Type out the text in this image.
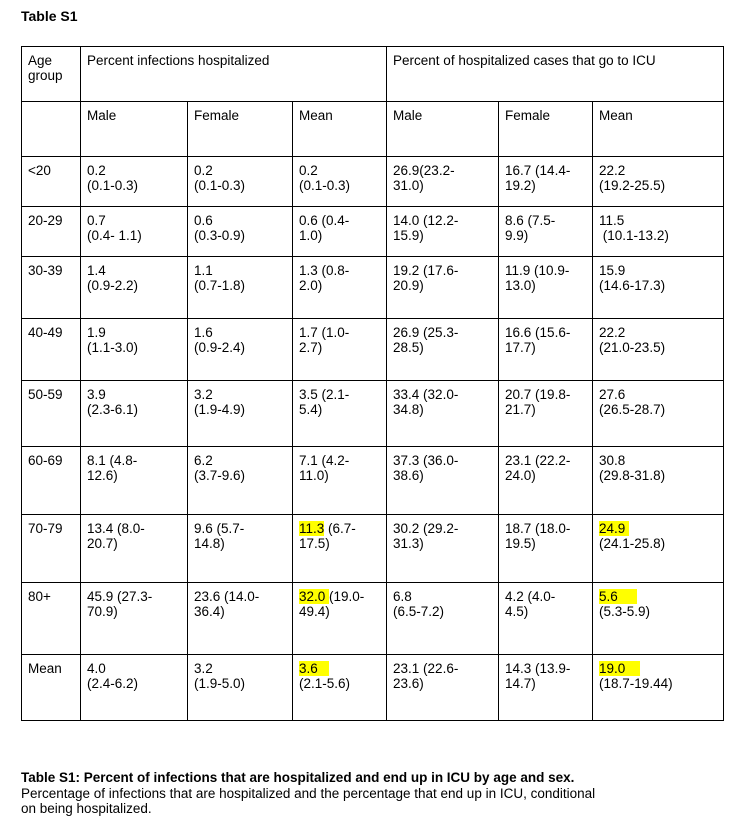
Table S1
Age
group	Percent infections hospitalized			Percent of hospitalized cases that go to ICU		
	Male	Female	Mean	Male	Female	Mean
<20	0.2
(0.1-0.3)	0.2
(0.1-0.3)	0.2
(0.1-0.3)	26.9(23.2-
31.0)	16.7 (14.4-
19.2)	22.2
(19.2-25.5)

20-29	0.7
(0.4- 1.1)	0.6
(0.3-0.9)	0.6 (0.4-
1.0)	14.0 (12.2-
15.9)	8.6 (7.5-
9.9)	11.5
(10.1-13.2)

30-39	1.4
(0.9-2.2)	1.1
(0.7-1.8)	1.3 (0.8-
2.0)	19.2 (17.6-
20.9)	11.9 (10.9-
13.0)	15.9
(14.6-17.3)

40-49	1.9
(1.1-3.0)	1.6
(0.9-2.4)	1.7 (1.0-
2.7)	26.9 (25.3-
28.5)	16.6 (15.6-
17.7)	22.2
(21.0-23.5)

50-59	3.9
(2.3-6.1)	3.2
(1.9-4.9)	3.5 (2.1-
5.4)	33.4 (32.0-
34.8)	20.7 (19.8-
21.7)	27.6
(26.5-28.7)

60-69	8.1 (4.8-
12.6)	6.2
(3.7-9.6)	7.1 (4.2-
11.0)	37.3 (36.0-
38.6)	23.1 (22.2-
24.0)	30.8
(29.8-31.8)

70-79	13.4 (8.0-
20.7)	9.6 (5.7-
14.8)	11.3 (6.7-
17.5)	30.2 (29.2-
31.3)	18.7 (18.0-
19.5)	24.9
(24.1-25.8)

80+	45.9 (27.3-
70.9)	23.6 (14.0-
36.4)	32.0 (19.0-
49.4)	6.8
(6.5-7.2)	4.2 (4.0-
4.5)	5.6
(5.3-5.9)

Mean	4.0
(2.4-6.2)	3.2
(1.9-5.0)	3.6
(2.1-5.6)	23.1 (22.6-
23.6)	14.3 (13.9-
14.7)	19.0
(18.7-19.44)
Table S1: Percent of infections that are hospitalized and end up in ICU by age and sex.
Percentage of infections that are hospitalized and the percentage that end up in ICU, conditional
on being hospitalized.
